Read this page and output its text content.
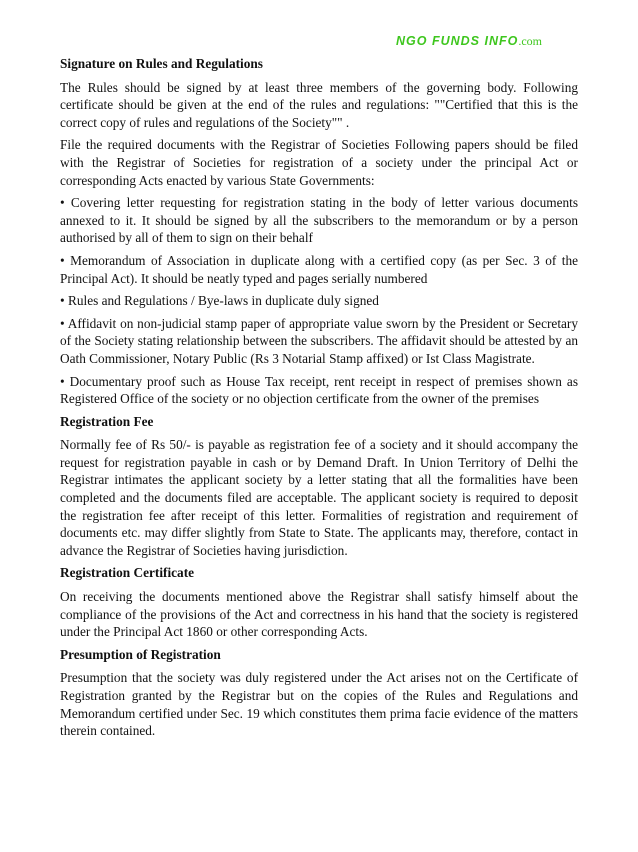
NGO FUNDS INFO.com
Signature on Rules and Regulations
The Rules should be signed by at least three members of the governing body. Following certificate should be given at the end of the rules and regulations: ""Certified that this is the correct copy of rules and regulations of the Society"" .
File the required documents with the Registrar of Societies Following papers should be filed with the Registrar of Societies for registration of a society under the principal Act or corresponding Acts enacted by various State Governments:
• Covering letter requesting for registration stating in the body of letter various documents annexed to it. It should be signed by all the subscribers to the memorandum or by a person authorised by all of them to sign on their behalf
• Memorandum of Association in duplicate along with a certified copy (as per Sec. 3 of the Principal Act). It should be neatly typed and pages serially numbered
• Rules and Regulations / Bye-laws in duplicate duly signed
• Affidavit on non-judicial stamp paper of appropriate value sworn by the President or Secretary of the Society stating relationship between the subscribers. The affidavit should be attested by an Oath Commissioner, Notary Public (Rs 3 Notarial Stamp affixed) or Ist Class Magistrate.
• Documentary proof such as House Tax receipt, rent receipt in respect of premises shown as Registered Office of the society or no objection certificate from the owner of the premises
Registration Fee
Normally fee of Rs 50/- is payable as registration fee of a society and it should accompany the request for registration payable in cash or by Demand Draft. In Union Territory of Delhi the Registrar intimates the applicant society by a letter stating that all the formalities have been completed and the documents filed are acceptable. The applicant society is required to deposit the registration fee after receipt of this letter. Formalities of registration and requirement of documents etc. may differ slightly from State to State. The applicants may, therefore, contact in advance the Registrar of Societies having jurisdiction.
Registration Certificate
On receiving the documents mentioned above the Registrar shall satisfy himself about the compliance of the provisions of the Act and correctness in his hand that the society is registered under the Principal Act 1860 or other corresponding Acts.
Presumption of Registration
Presumption that the society was duly registered under the Act arises not on the Certificate of Registration granted by the Registrar but on the copies of the Rules and Regulations and Memorandum certified under Sec. 19 which constitutes them prima facie evidence of the matters therein contained.
